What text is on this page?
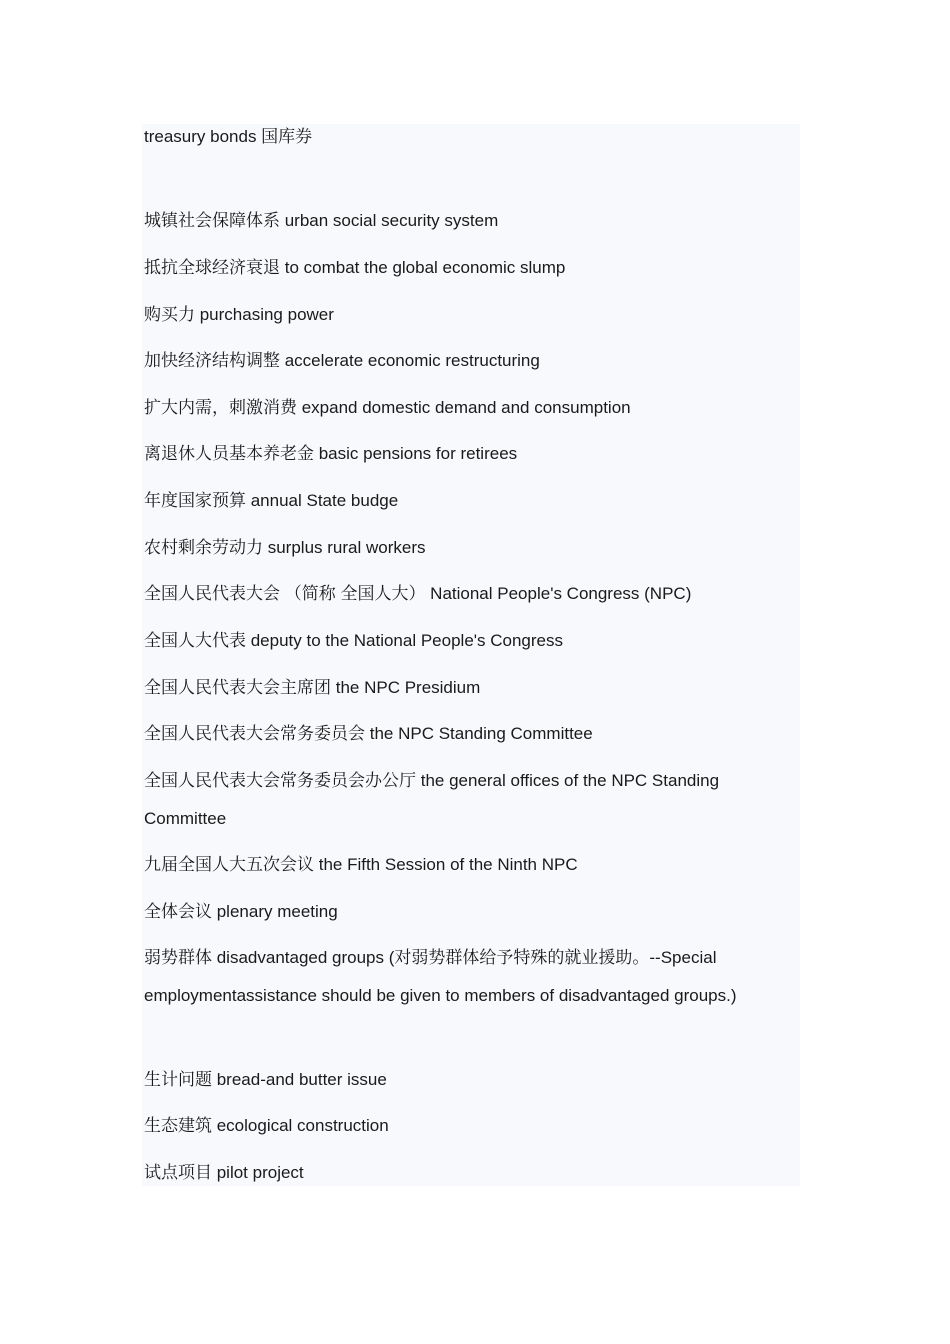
treasury bonds 国库券
城镇社会保障体系 urban social security system
抵抗全球经济衰退 to combat the global economic slump
购买力 purchasing power
加快经济结构调整 accelerate economic restructuring
扩大内需，刺激消费 expand domestic demand and consumption
离退休人员基本养老金 basic pensions for retirees
年度国家预算 annual State budge
农村剩余劳动力 surplus rural workers
全国人民代表大会 （简称 全国人大） National People's Congress (NPC)
全国人大代表 deputy to the National People's Congress
全国人民代表大会主席团 the NPC Presidium
全国人民代表大会常务委员会 the NPC Standing Committee
全国人民代表大会常务委员会办公厅 the general offices of the NPC Standing Committee
九届全国人大五次会议 the Fifth Session of the Ninth NPC
全体会议 plenary meeting
弱势群体 disadvantaged groups (对弱势群体给予特殊的就业援助。--Special employmentassistance should be given to members of disadvantaged groups.)
生计问题 bread-and butter issue
生态建筑 ecological construction
试点项目 pilot project
